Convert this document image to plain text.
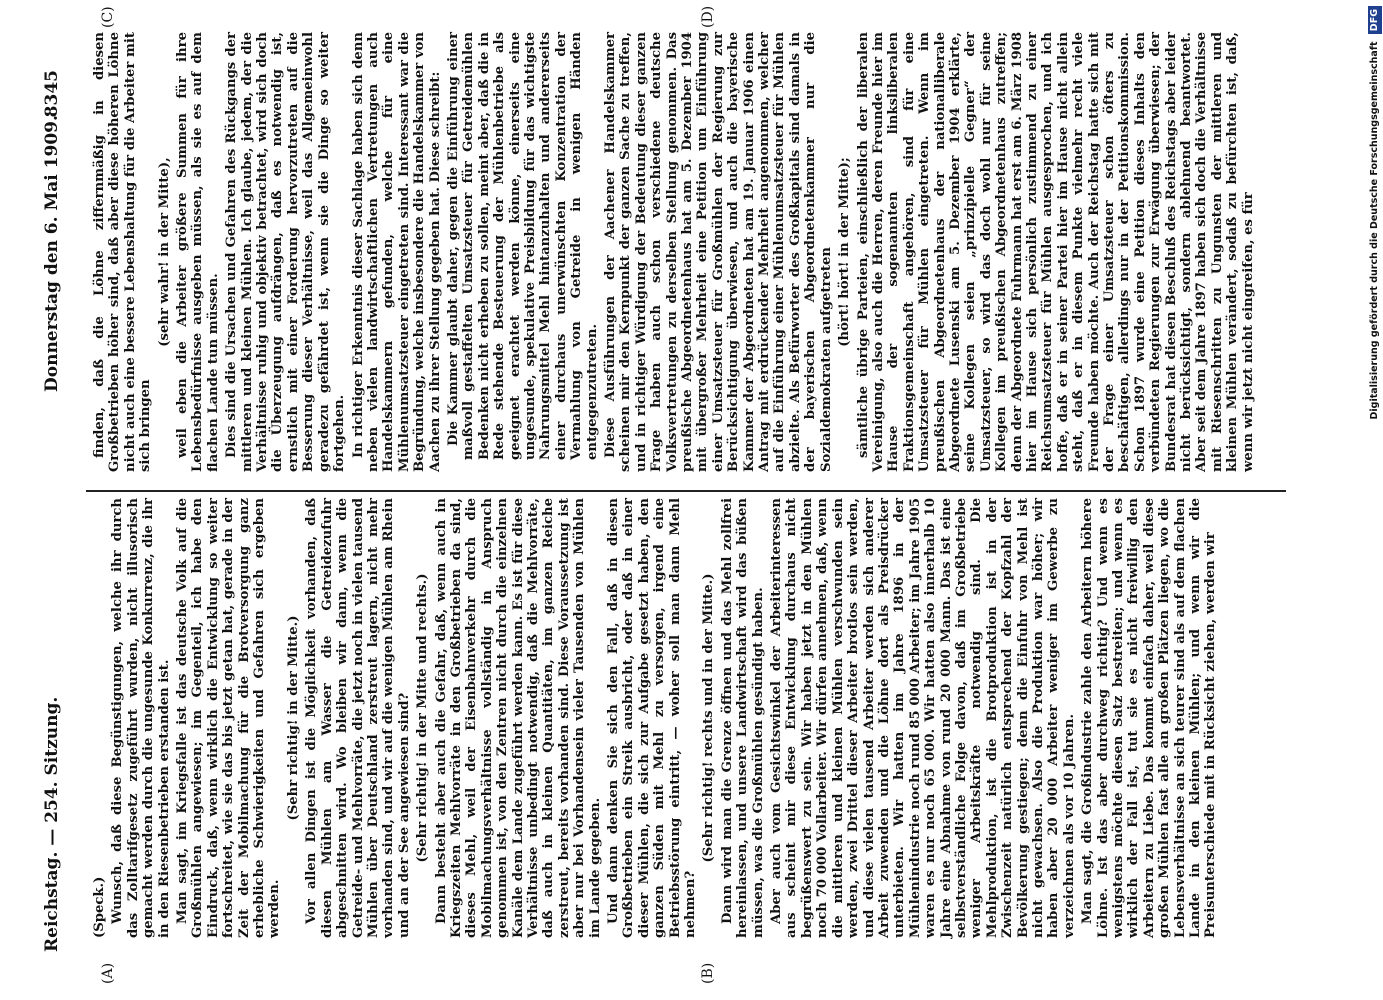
Reichstag. — 254. Sitzung.
Donnerstag den 6. Mai 1909.
8345
(A)	(B)
(C)	(D)

(Speck.) Wunsch, daß diese Begünstigungen, welche ihr durch das Zolltarifgesetz zugeführt wurden, nicht illusorisch gemacht werden durch die ungesunde Konkurrenz, die ihr in den Riesenbetrieben erstanden ist. Man sagt, im Kriegsfalle ist das deutsche Volk auf die Großmühlen angewiesen; im Gegenteil, ich habe den Eindruck, daß, wenn wirklich die Entwicklung so weiter fortschreitet, wie sie das bis jetzt getan hat, gerade in der Zeit der Mobilmachung für die Brotversorgung ganz erhebliche Schwierigkeiten und Gefahren sich ergeben werden.

(Sehr richtig! in der Mitte.) Vor allen Dingen ist die Möglichkeit vorhanden, daß diesen Mühlen am Wasser die Getreidezufuhr abgeschnitten wird. Wo bleiben wir dann, wenn die Getreide- und Mehlvorräte, die jetzt noch in vielen tausend Mühlen über Deutschland zerstreut lagern, nicht mehr vorhanden sind, und wir auf die wenigen Mühlen am Rhein und an der See angewiesen sind? (Sehr richtig! in der Mitte und rechts.) Dann besteht aber auch die Gefahr, daß, wenn auch in Kriegszeiten Mehlvorräte in den Großbetrieben da sind, dieses Mehl, weil der Eisenbahnverkehr durch die Mobilmachungsverhältnisse vollständig in Anspruch genommen ist, von den Zentren nicht durch die einzelnen Kanäle dem Lande zugeführt werden kann. Es ist für diese Verhältnisse unbedingt notwendig, daß die Mehlvorräte, daß auch in kleinen Quantitäten, im ganzen Reiche zerstreut, bereits vorhanden sind. Diese Voraussetzung ist aber nur bei Vorhandensein vieler Tausenden von Mühlen im Lande gegeben. Und dann denken Sie sich den Fall, daß in diesen Großbetrieben ein Streik ausbricht, oder daß in einer dieser Mühlen, die sich zur Aufgabe gesetzt haben, den ganzen Süden mit Mehl zu versorgen, irgend eine Betriebsstörung eintritt, — woher soll man dann Mehl nehmen?

(Sehr richtig! rechts und in der Mitte.) Dann wird man die Grenze öffnen und das Mehl zollfrei hereinlassen, und unsere Landwirtschaft wird das büßen müssen, was die Großmühlen gesündigt haben. Aber auch vom Gesichtswinkel der Arbeiterinteressen aus scheint mir diese Entwicklung durchaus nicht begrüßenswert zu sein. Wir haben jetzt in den Mühlen noch 70 000 Vollarbeiter. Wir dürfen annehmen, daß, wenn die mittleren und kleinen Mühlen verschwunden sein werden, zwei Drittel dieser Arbeiter brotlos sein werden, und diese vielen tausend Arbeiter werden sich anderer Arbeit zuwenden und die Löhne dort als Preisdrücker unterbieten. Wir hatten im Jahre 1896 in der Mühlenindustrie noch rund 85 000 Arbeiter; im Jahre 1905 waren es nur noch 65 000. Wir hatten also innerhalb 10 Jahre eine Abnahme von rund 20 000 Mann. Das ist eine selbstverständliche Folge davon, daß im Großbetriebe weniger Arbeitskräfte notwendig sind. Die Mehlproduktion, ist die Brotproduktion ist in der Zwischenzeit natürlich entsprechend der Kopfzahl der Bevölkerung gestiegen; denn die Einfuhr von Mehl ist nicht gewachsen. Also die Produktion war höher; wir haben aber 20 000 Arbeiter weniger im Gewerbe zu verzeichnen als vor 10 Jahren. Man sagt, die Großindustrie zahle den Arbeitern höhere Löhne. Ist das aber durchweg richtig? Und wenn es wenigstens möchte diesen Satz bestreiten; und wenn es wirklich der Fall ist, tut sie es nicht freiwillig den Arbeitern zu Liebe. Das kommt einfach daher, weil diese großen Mühlen fast alle an großen Plätzen liegen, wo die Lebensverhältnisse an sich teurer sind als auf dem flachen Lande in den kleinen Mühlen; und wenn wir die Preisunterschiede mit in Rücksicht ziehen, werden wir

finden, daß die Löhne ziffernmäßig in diesen Großbetrieben höher sind, daß aber diese höheren Löhne nicht auch eine bessere Lebenshaltung für die Arbeiter mit sich bringen

(sehr wahr! in der Mitte), weil eben die Arbeiter größere Summen für ihre Lebensbedürfnisse ausgeben müssen, als sie es auf dem flachen Lande tun müssen. Dies sind die Ursachen und Gefahren des Rückgangs der mittleren und kleinen Mühlen. Ich glaube, jedem, der die Verhältnisse ruhig und objektiv betrachtet, wird sich doch die Überzeugung aufdrängen, daß es notwendig ist, ernstlich mit einer Forderung hervorzutreten auf die Besserung dieser Verhältnisse, weil das Allgemeinwohl geradezu gefährdet ist, wenn sie die Dinge so weiter fortgehen. In richtiger Erkenntnis dieser Sachlage haben sich denn neben vielen landwirtschaftlichen Vertretungen auch Handelskammern gefunden, welche für eine Mühlenumsatzsteuer eingetreten sind. Interessant war die Begründung, welche insbesondere die Handelskammer von Aachen zu ihrer Stellung gegeben hat. Diese schreibt: Die Kammer glaubt daher, gegen die Einführung einer maßvoll gestaffelten Umsatzsteuer für Getreidemühlen Bedenken nicht erheben zu sollen, meint aber, daß die in Rede stehende Besteuerung der Mühlenbetriebe als geeignet erachtet werden könne, einerseits eine ungesunde, spekulative Preisbildung für das wichtigste Nahrungsmittel Mehl hintanzuhalten und andererseits einer durchaus unerwünschten Konzentration der Vermahlung von Getreide in wenigen Händen entgegenzutreten. Diese Ausführungen der Aachener Handelskammer scheinen mir den Kernpunkt der ganzen Sache zu treffen, und in richtiger Würdigung der Bedeutung dieser ganzen Frage haben auch schon verschiedene deutsche Volksvertretungen zu derselben Stellung genommen. Das preußische Abgeordnetenhaus hat am 5. Dezember 1904 mit übergroßer Mehrheit eine Petition um Einführung einer Umsatzsteuer für Großmühlen der Regierung zur Berücksichtigung überwiesen, und auch die bayerische Kammer der Abgeordneten hat am 19. Januar 1906 einen Antrag mit erdrückender Mehrheit angenommen, welcher auf die Einführung einer Mühlenumsatzsteuer für Mühlen abzielte. Als Befürworter des Großkapitals sind damals in der bayerischen Abgeordnetenkammer nur die Sozialdemokraten aufgetreten (hört! hört! in der Mitte); sämtliche übrige Parteien, einschließlich der liberalen Vereinigung, also auch die Herren, deren Freunde hier im Hause der sogenannten linksliberalen Fraktionsgemeinschaft angehören, sind für eine Umsatzsteuer für Mühlen eingetreten. Wenn im preußischen Abgeordnetenhaus der nationalliberale Abgeordnete Lusenski am 5. Dezember 1904 erklärte, seine Kollegen seien „prinzipielle Gegner“ der Umsatzsteuer, so wird das doch wohl nur für seine Kollegen im preußischen Abgeordnetenhaus zutreffen; denn der Abgeordnete Fuhrmann hat erst am 6. März 1908 hier im Hause sich persönlich zustimmend zu einer Reichsumsatzsteuer für Mühlen ausgesprochen, und ich hoffe, daß er in seiner Partei hier im Hause nicht allein steht, daß er in diesem Punkte vielmehr recht viele Freunde haben möchte. Auch der Reichstag hatte sich mit der Frage einer Umsatzsteuer schon öfters zu beschäftigen, allerdings nur in der Petitionskommission. Schon 1897 wurde eine Petition dieses Inhalts den verbündeten Regierungen zur Erwägung überwiesen; der Bundesrat hat diesen Beschluß des Reichstags aber leider nicht berücksichtigt, sondern ablehnend beantwortet. Aber seit dem Jahre 1897 haben sich doch die Verhältnisse mit Riesenschritten zu Ungunsten der mittleren und kleinen Mühlen verändert, sodaß zu befürchten ist, daß, wenn wir jetzt nicht eingreifen, es für	Digitalisierung gefördert durch die Deutsche Forschungsgemeinschaft DFG
